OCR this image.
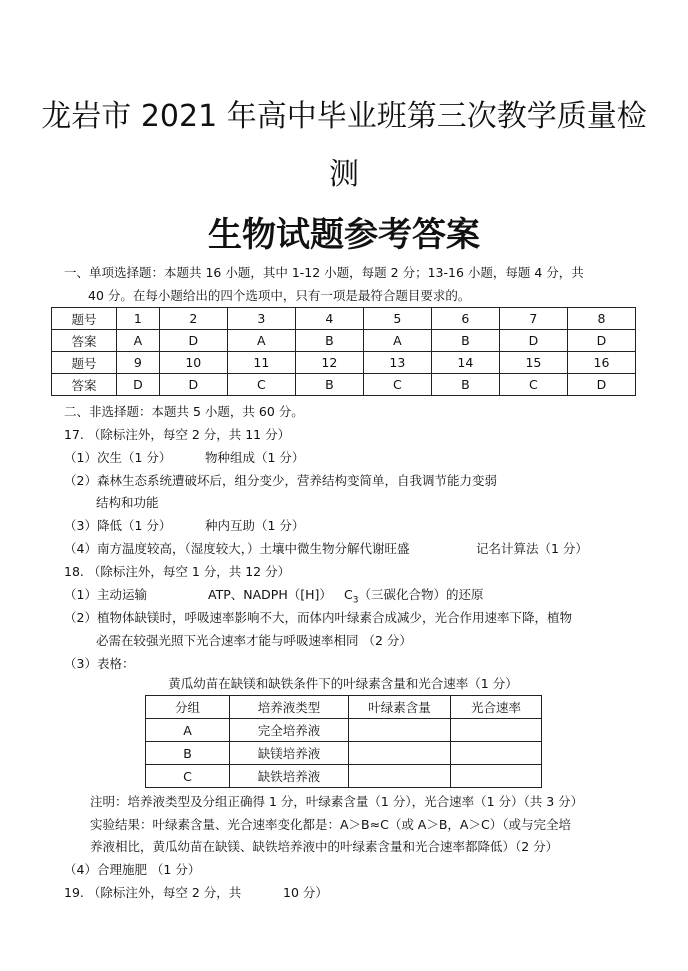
龙岩市 2021 年高中毕业班第三次教学质量检
测
生物试题参考答案
一、单项选择题：本题共 16 小题，其中 1-12 小题，每题 2 分；13-16 小题，每题 4 分，共
40 分。在每小题给出的四个选项中，只有一项是最符合题目要求的。
题号	1	2	3	4	5	6	7	8
答案	A	D	A	B	A	B	D	D
题号	9	10	11	12	13	14	15	16
答案	D	D	C	B	C	B	C	D
二、非选择题：本题共 5 小题，共 60 分。
17. （除标注外，每空 2 分，共 11 分）
（1）次生（1 分）	物种组成（1 分）
（2）森林生态系统遭破坏后，组分变少，营养结构变简单，自我调节能力变弱
结构和功能
（3）降低（1 分）	种内互助（1 分）
（4）南方温度较高，（湿度较大，）土壤中微生物分解代谢旺盛	记名计算法（1 分）
18. （除标注外，每空 1 分，共 12 分）
（1）主动运输	ATP、NADPH（[H]） $C_3$（三碳化合物）的还原
（2）植物体缺镁时，呼吸速率影响不大，而体内叶绿素合成减少，光合作用速率下降，植物
必需在较强光照下光合速率才能与呼吸速率相同 （2 分）
（3）表格：
黄瓜幼苗在缺镁和缺铁条件下的叶绿素含量和光合速率（1 分）
分组	培养液类型	叶绿素含量	光合速率
A	完全培养液		
B	缺镁培养液		
C	缺铁培养液		
注明：培养液类型及分组正确得 1 分，叶绿素含量（1 分），光合速率（1 分）（共 3 分）
实验结果：叶绿素含量、光合速率变化都是：A＞B≈C（或 A＞B，A＞C）（或与完全培
养液相比，黄瓜幼苗在缺镁、缺铁培养液中的叶绿素含量和光合速率都降低）（2 分）
（4）合理施肥 （1 分）
19. （除标注外，每空 2 分，共	10 分）
